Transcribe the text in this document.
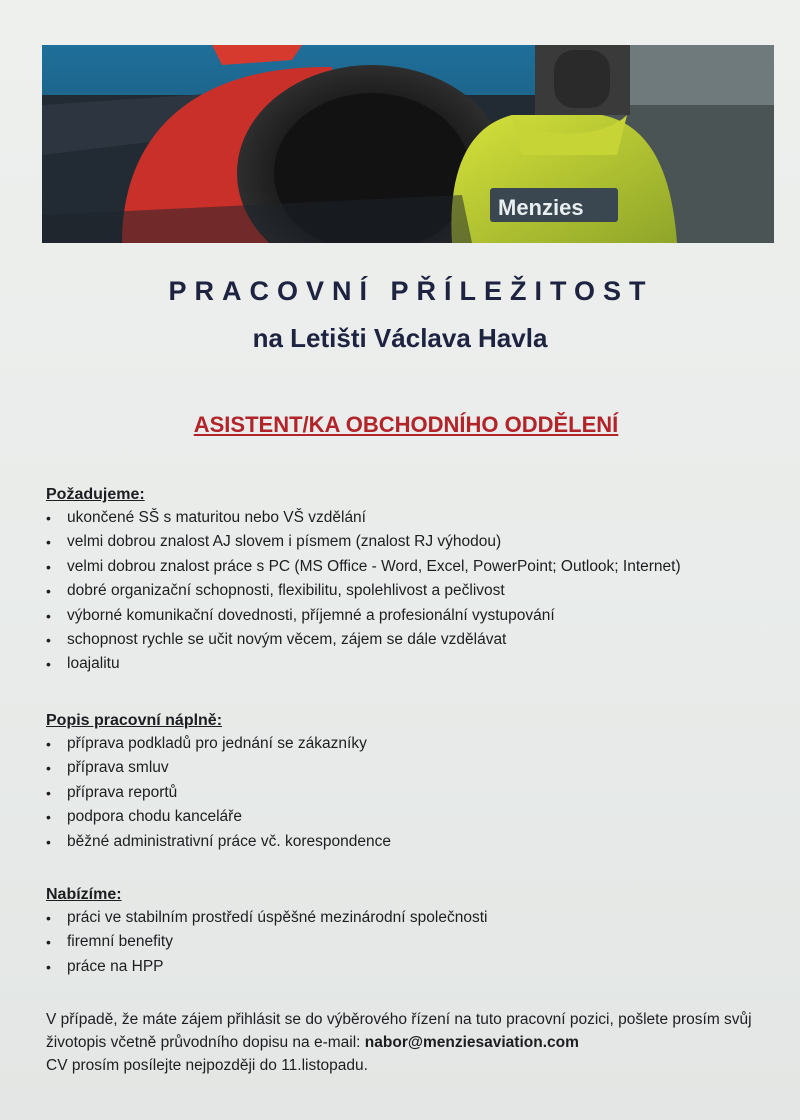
Menzies
PRACOVNÍ PŘÍLEŽITOST
na Letišti Václava Havla
ASISTENT/KA OBCHODNÍHO ODDĚLENÍ
Požadujeme:
• ukončené SŠ s maturitou nebo VŠ vzdělání
• velmi dobrou znalost AJ slovem i písmem (znalost RJ výhodou)
• velmi dobrou znalost práce s PC (MS Office - Word, Excel, PowerPoint; Outlook; Internet)
• dobré organizační schopnosti, flexibilitu, spolehlivost a pečlivost
• výborné komunikační dovednosti, příjemné a profesionální vystupování
• schopnost rychle se učit novým věcem, zájem se dále vzdělávat
• loajalitu
Popis pracovní náplně:
• příprava podkladů pro jednání se zákazníky
• příprava smluv
• příprava reportů
• podpora chodu kanceláře
• běžné administrativní práce vč. korespondence
Nabízíme:
• práci ve stabilním prostředí úspěšné mezinárodní společnosti
• firemní benefity
• práce na HPP
V případě, že máte zájem přihlásit se do výběrového řízení na tuto pracovní pozici, pošlete prosím svůj
životopis včetně průvodního dopisu na e-mail: nabor@menziesaviation.com
CV prosím posílejte nejpozději do 11.listopadu.
